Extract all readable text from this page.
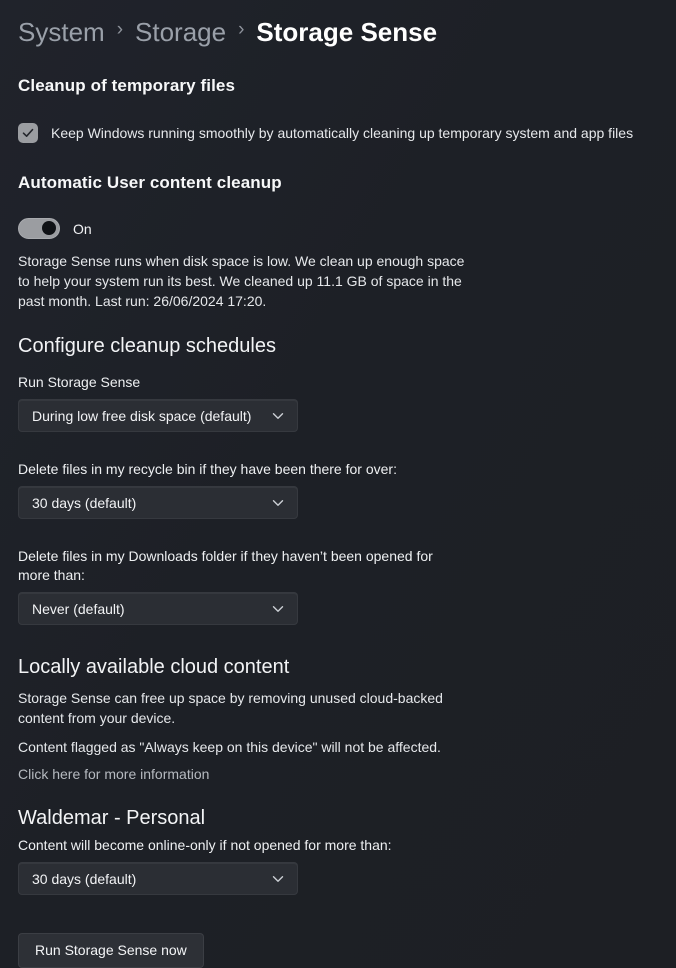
System › Storage › Storage Sense
Cleanup of temporary files
Keep Windows running smoothly by automatically cleaning up temporary system and app files
Automatic User content cleanup
On
Storage Sense runs when disk space is low. We clean up enough space to help your system run its best. We cleaned up 11.1 GB of space in the past month. Last run: 26/06/2024 17:20.
Configure cleanup schedules
Run Storage Sense
During low free disk space (default)
Delete files in my recycle bin if they have been there for over:
30 days (default)
Delete files in my Downloads folder if they haven’t been opened for more than:
Never (default)
Locally available cloud content
Storage Sense can free up space by removing unused cloud-backed content from your device.
Content flagged as "Always keep on this device" will not be affected.
Click here for more information
Waldemar - Personal
Content will become online-only if not opened for more than:
30 days (default)
Run Storage Sense now
